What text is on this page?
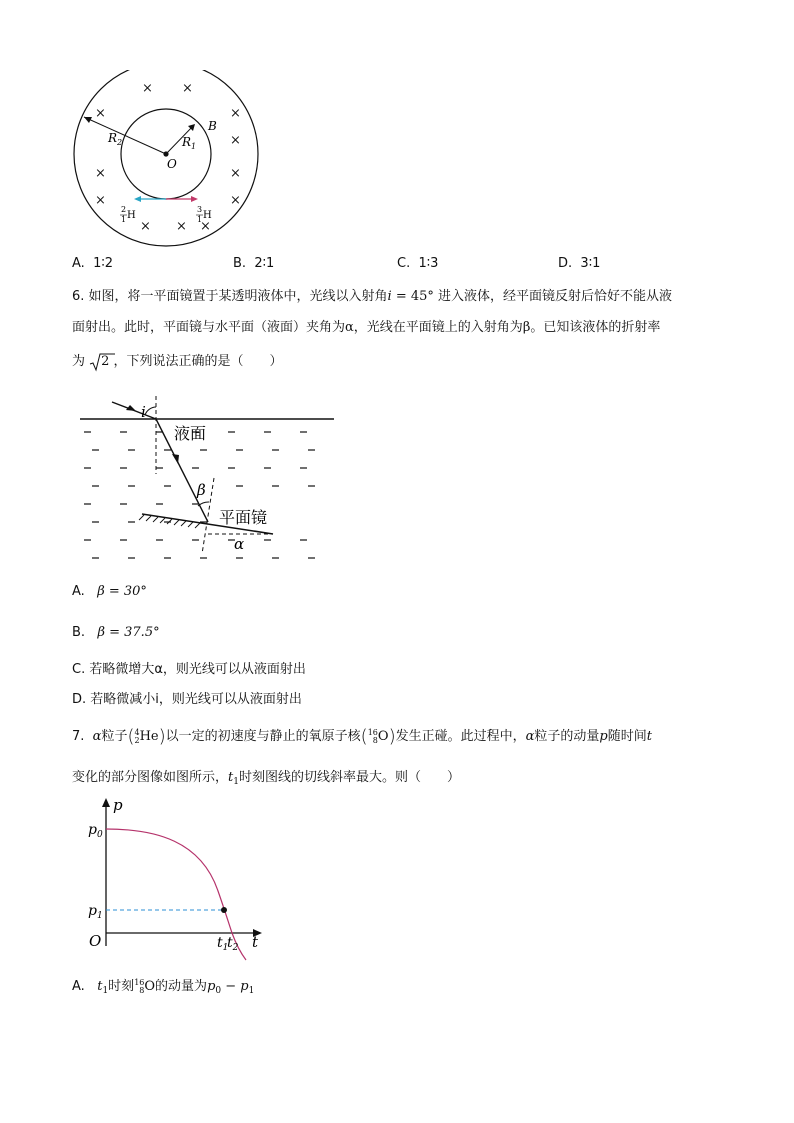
$R_2$	$R_1$
B
O
× ×
×	×
×
×	×
×	×
× × ×
2
1 H
3
1 H
A. 1∶2	B. 2∶1	C. 1∶3	D. 3∶1
6. 如图，将一平面镜置于某透明液体中，光线以入射角i = 45° 进入液体，经平面镜反射后恰好不能从液
面射出。此时，平面镜与水平面（液面）夹角为α，光线在平面镜上的入射角为β。已知该液体的折射率
为 2 ，下列说法正确的是（　　）
i
液面
β
平面镜
α
A. β = 30°
B. β = 37.5°
C. 若略微增大α，则光线可以从液面射出
D. 若略微减小i，则光线可以从液面射出
7. α粒子( 4
2 He)以一定的初速度与静止的氧原子核( 16
8 O)发生正碰。此过程中，α粒子的动量p随时间t
变化的部分图像如图所示，$t_1$时刻图线的切线斜率最大。则（　　）
p
$p_0$
$p_1$
O	$t_1$
$t_2$ t
A. $t_1$时刻 16
8 O的动量为$p_0 - p_1$
